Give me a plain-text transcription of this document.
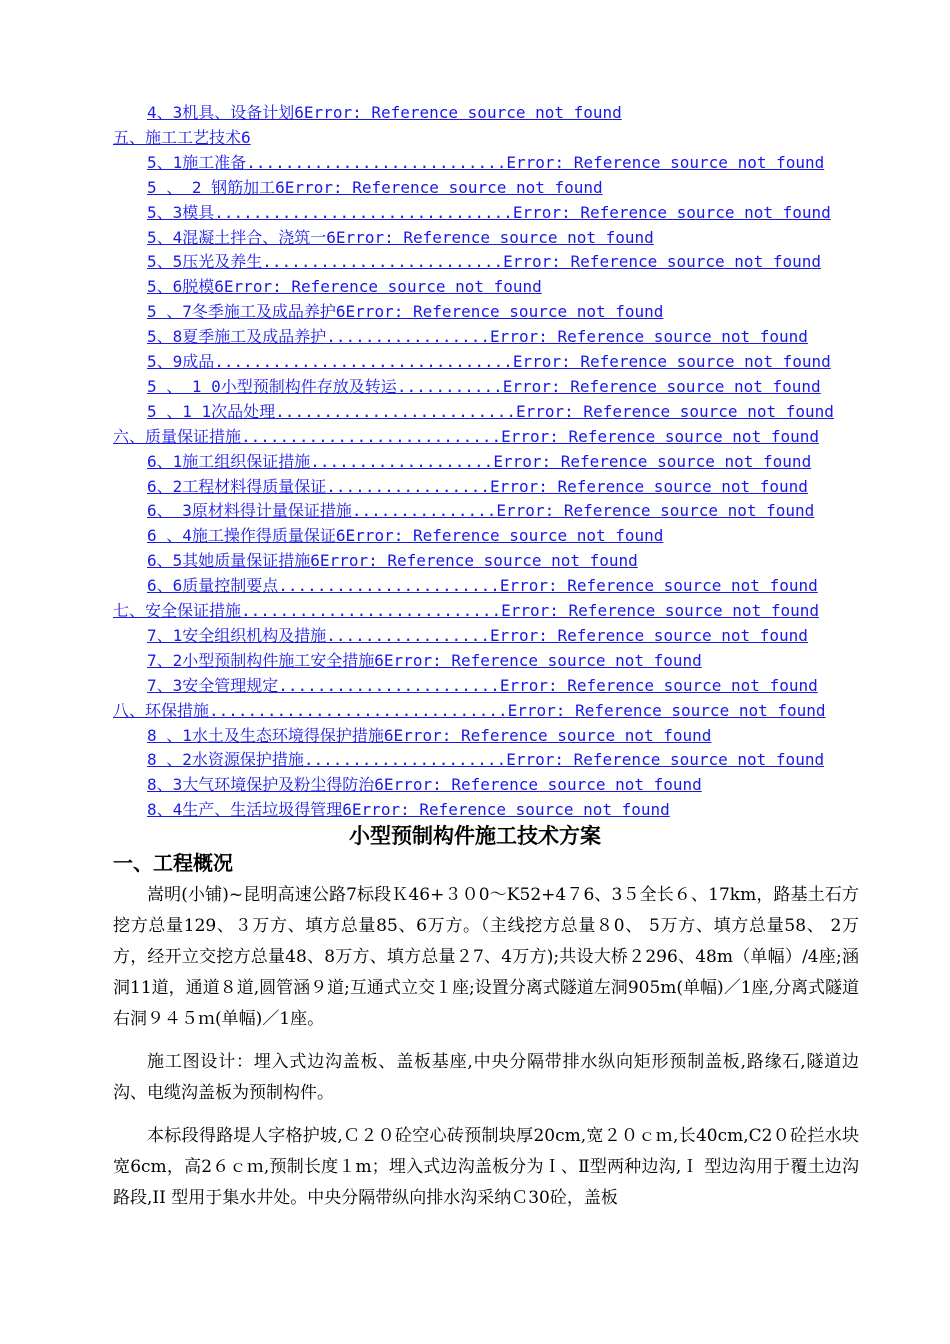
4、3机具、设备计划6Error: Reference source not found
五、施工工艺技术6
5、1施工准备...........................Error: Reference source not found
5 、 2 钢筋加工6Error: Reference source not found
5、3模具...............................Error: Reference source not found
5、4混凝土拌合、浇筑一6Error: Reference source not found
5、5压光及养生.........................Error: Reference source not found
5、6脱模6Error: Reference source not found
5 、7冬季施工及成品养护6Error: Reference source not found
5、8夏季施工及成品养护.................Error: Reference source not found
5、9成品...............................Error: Reference source not found
5 、 1 0小型预制构件存放及转运...........Error: Reference source not found
5 、1 1次品处理.........................Error: Reference source not found
六、质量保证措施...........................Error: Reference source not found
6、1施工组织保证措施...................Error: Reference source not found
6、2工程材料得质量保证.................Error: Reference source not found
6、 3原材料得计量保证措施...............Error: Reference source not found
6 、4施工操作得质量保证6Error: Reference source not found
6、5其她质量保证措施6Error: Reference source not found
6、6质量控制要点.......................Error: Reference source not found
七、安全保证措施...........................Error: Reference source not found
7、1安全组织机构及措施.................Error: Reference source not found
7、2小型预制构件施工安全措施6Error: Reference source not found
7、3安全管理规定.......................Error: Reference source not found
八、环保措施...............................Error: Reference source not found
8 、1水土及生态环境得保护措施6Error: Reference source not found
8 、2水资源保护措施.....................Error: Reference source not found
8、3大气环境保护及粉尘得防治6Error: Reference source not found
8、4生产、生活垃圾得管理6Error: Reference source not found
小型预制构件施工技术方案
一、工程概况

嵩明(小铺)~昆明高速公路7标段Ｋ46+３０0～K52+4７6、3５全长６、17km，路基土石方挖方总量129、３万方、填方总量85、6万方。（主线挖方总量８0、 5万方、填方总量58、 2万方，经开立交挖方总量48、8万方、填方总量２7、4万方);共设大桥２296、48m（单幅）/4座;涵洞11道，通道８道,圆管涵９道;互通式立交１座;设置分离式隧道左洞905m(单幅)／1座,分离式隧道右洞９４５ｍ(单幅)／1座。

施工图设计：埋入式边沟盖板、盖板基座,中央分隔带排水纵向矩形预制盖板,路缘石,隧道边沟、电缆沟盖板为预制构件。

本标段得路堤人字格护坡,Ｃ２０砼空心砖预制块厚20cm,宽２０ｃｍ,长40cm,C2０砼拦水块宽6cm，高2６ｃｍ,预制长度１m；埋入式边沟盖板分为Ｉ、Ⅱ型两种边沟,Ｉ 型边沟用于覆土边沟路段,II 型用于集水井处。中央分隔带纵向排水沟采纳Ｃ30砼，盖板
